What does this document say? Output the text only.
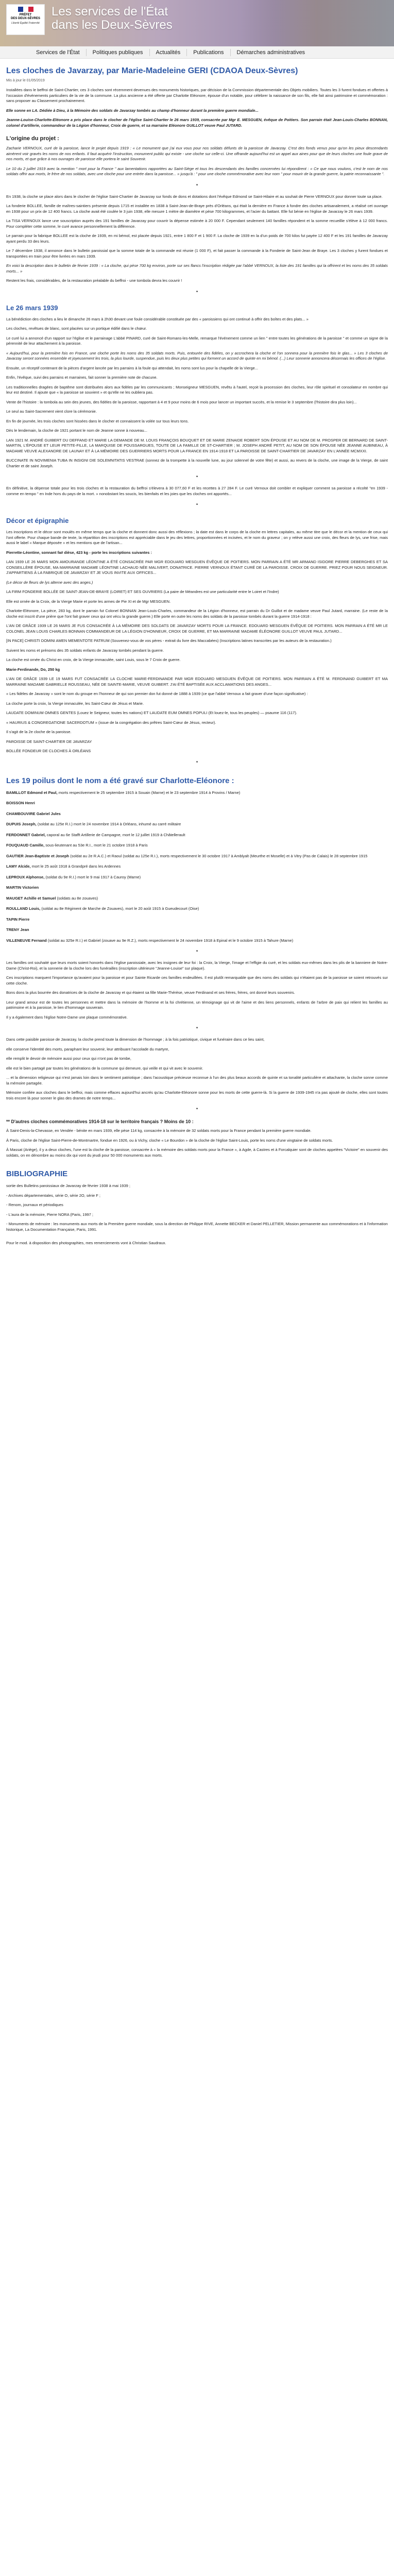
PRÉFET
DES DEUX-SÈVRES
Liberté Égalité Fraternité
Les services de l'État
dans les Deux-Sèvres
Services de l'État	Politiques publiques	Actualités	Publications	Démarches administratives
Les cloches de Javarzay, par Marie-Madeleine GERI (CDAOA Deux-Sèvres)
Mis à jour le 01/05/2019

Installées dans le beffroi de Saint-Chartier, ces 3 cloches sont récemment devenues des monuments historiques, par décision de la Commission départementale des Objets mobiliers. Toutes les 3 furent fondues et offertes à l'occasion d'événements particuliers de la vie de la commune. La plus ancienne a été offerte par Charlotte Eléonore, épouse d'un notable, pour célébrer la naissance de son fils, elle fait ainsi patrimoine et commémoration : sans proposer au Classement prochainement.

Elle sonne en LA. Dédiée à Dieu, à la Mémoire des soldats de Javarzay tombés au champ d'honneur durant la première guerre mondiale...

Jeanne-Louise-Charlotte-Eléonore a pris place dans le clocher de l'église Saint-Chartier le 26 mars 1939, consacrée par Mgr E. MESGUEN, évêque de Poitiers. Son parrain était Jean-Louis-Charles BONNAN, colonel d'artillerie, commandeur de la Légion d'honneur, Croix de guerre, et sa marraine Eléonore GUILLOT veuve Paul JUTARD.

L'origine du projet :

Zacharie VERNOUX, curé de la paroisse, lance le projet depuis 1919 : « Le monument que j'ai eux vous pour nos soldats défunts de la paroisse de Javarzay. C'est des fonds venus pour qu'on les pieux descendants aimèrent voir gravés les noms de nos enfants. Il faut acquérir l'instruction, monument public qui existe - une cloche sur celle-ci. Une offrande aujourd'hui est un appel aux aines pour que de leurs cloches une foule grave de nos morts, et que grâce à nos ouvrages de paroisse elle portera le saint Souvenir.

Le 10 du 2 juillet 1919 avec la mention " mort pour la France " aux lamentations rapportées au Saint-Siège et tous les descendants des familles concernées lui répondirent : « Ce que nous voulons, c'est le nom de nos soldats offrir aux morts, le frère de nos soldats, avec une cloche pour une entrée dans la paroisse... » jusqu'à : " pour une cloche commémorative avec leur nom " pour mourir de la grande guerre, la patrie reconnaissante ".

*

En 1938, la cloche se place alors dans le clocher de l'église Saint-Chartier de Javarzay sur fonds de dons et dotations dont l'évêque Edmond se Saint-Hilaire et au souhait de Pierre VERNOUX pour donner toute sa place.

La fonderie BOLLEE, famille de maîtres-saintiers présente depuis 1715 et installée en 1838 à Saint-Jean-de-Braye près d'Orléans, qui était la dernière en France à fondre des cloches artisanalement, a réalisé cet ouvrage en 1938 pour un prix de 12 400 francs. La cloche avait été coulée le 3 juin 1938, elle mesure 1 mètre de diamètre et pèse 700 kilogrammes, et l'acier du battant. Elle fut bénie en l'église de Javarzay le 26 mars 1939.

La TISA VERNOUX lance une souscription auprès des 191 familles de Javarzay pour couvrir la dépense estimée à 20 000 F. Cependant seulement 140 familles répondent et la somme recueillie s'élève à 12 000 francs. Pour compléter cette somme, le curé avance personnellement la différence.

Le parrain pour la fabrique BOLLEE est la cloche de 1939, en mi bémol, est placée depuis 1921, entre 1 800 F et 1 900 F. La cloche de 1939 en la d'un poids de 700 kilos fut payée 12 400 F et les 191 familles de Javarzay ayant perdu 33 des leurs.

Le 7 décembre 1938, il annonce dans le bulletin paroissial que la somme totale de la commande est réunie (1 000 F), et fait passer la commande à la Fonderie de Saint-Jean de Braye. Les 3 cloches y furent fondues et transportées en train pour être livrées en mars 1939.

En voici la description dans le bulletin de février 1939 : « La cloche, qui pèse 700 kg environ, porte sur ses flancs l'inscription rédigée par l'abbé VERNOUX, la liste des 191 familles qui la offrirent et les noms des 35 soldats morts... »

Restent les frais, considérables, de la restauration préalable du beffroi - une tombola devra les couvrir !

*
Le 26 mars 1939

La bénédiction des cloches a lieu le dimanche 26 mars à 2h30 devant une foule considérable constituée par des « paroissiens qui ont continué à offrir des boîtes et des plats... »

Les cloches, revêtues de blanc, sont placées sur un portique édifié dans le chœur.

Le curé lui a annoncé d'un rapport sur l'église et le parrainage L'abbé PINARD, curé de Saint-Romans-les-Melle, remarque l'événement comme un lien " entre toutes les générations de la paroisse " et comme un signe de la pérennité de leur attachement à la paroisse.

« Aujourd'hui, pour la première fois en France, une cloche porte les noms des 35 soldats morts. Puis, entourée des fidèles, on y accrochera la cloche et l'on sonnera pour la première fois le glas... » Les 3 cloches de Javarzay seront sonnées ensemble et joyeusement les trois, la plus lourde, suspendue, puis les deux plus petites qui forment un accord de quinte en mi bémol. (...) Leur sonnerie annoncera désormais les offices de l'église.

Ensuite, un réceptif contenant de la pièces d'argent lancée par les parrains à la foule qui attendait, les noms sont lus pour la chapelle de la Vierge...

Enfin, l'évêque, suivi des parrains et marraines, fait sonner la première note de chacune.

Les traditionnelles dragées de baptême sont distribuées alors aux fidèles par les communicants ; Monseigneur MESGUEN, revêtu à l'autel, reçoit la procession des cloches, leur rôle spirituel et consolateur en nombre qui leur est destiné. Il ajoute que « la paroisse se souvient » et qu'elle ne les oubliera pas.

Vente de l'histoire : la tombola au sein des jeunes, des fidèles de la paroisse, rapportant à 4 et 9 pour moins de 6 mois pour lancer un important succès, et la remise le 3 septembre (l'histoire dira plus loin)...

Le seul au Saint-Sacrement vient clore la cérémonie.

En fin de journée, les trois cloches sont hissées dans le clocher et connaissent la volée sur tous leurs tons.

Dès le lendemain, la cloche de 1921 portant le nom de Jeanne sonne à nouveau...

LAN 1921 M. ANDRÉ GUIBERT DU DEFFAND ET MARIE LA DEMANDE DE M. LOUIS FRANÇOIS BOUQUET ET DE MARIE ZENAIDE ROBERT SON ÉPOUSE ET AU NOM DE M. PROSPER DE BERNARD DE SAINT-MARTIN, L'ÉPOUSE ET LEUR PETITE-FILLE, LA MARQUISE DE POUSSARGUES, TOUTE DE LA FAMILLE DE ST-CHARTIER ; M. JOSEPH ANDRÉ PETIT, AU NOM DE SON ÉPOUSE NÉE JEANNE AUBINEAU, À MADAME VEUVE ALEXANDRE DE LAUNAY ET À LA MÉMOIRE DES GUERRIERS MORTS POUR LA FRANCE EN 1914-1918 ET LA PAROISSE DE SAINT-CHARTIER DE JAVARZAY EN L'ANNÉE MCMXXI.

BUCCINATE IN NOVIMENIA TUBA IN INSIGNI DIE SOLEMNITATIS VESTRAE (sonnez de la trompette à la nouvelle lune, au jour solennel de votre fête) et aussi, au revers de la cloche, une image de la Vierge, de saint Chartier et de saint Joseph.

*

En définitive, la dépense totale pour les trois cloches et la restauration du beffroi s'élevera à 30 077,60 F et les recettes à 27 284 F. Le curé Vernoux doit combler et expliquer comment sa paroisse a récolté "en 1939 - comme en tempo " en Inde hors du pays de la mort. » nonobstant les soucis, les bienfaits et les joies que les cloches ont apportés...

*
Décor et épigraphie

Les inscriptions et le décor sont moulés en même temps que la cloche et donnent donc aussi des réflexions ; la date est dans le corps de la cloche en lettres capitales, au même titre que le décor et la mention de ceux qui l'ont offerte. Pour chaque bande de texte, la répartition des inscriptions est appréciable dans le jeu des lettres, proportionnées et incisées, et le nom du graveur ; on y relève aussi une croix, des fleurs de lys, une frise, mais aussi le label « Marque déposée » et les mentions que de l'artisan...

Pierrette-Léontine, sonnant fa# dièse, 423 kg - porte les inscriptions suivantes :

LAN 1939 LE 26 MARS MON AMOURANDE LÉONTINE A ÉTÉ CONSACRÉE PAR MGR EDOUARD MESGUEN ÉVÊQUE DE POITIERS. MON PARRAIN A ÉTÉ MR ARMAND ISIDORE PIERRE DEBERGHES ET SA CONSEILLÈRE ÉPOUSE, MA MARRAINE MADAME LÉONTINE LACHAUD NÉE MALIVERT, DONATRICE. PIERRE VERNOUX ÉTANT CURÉ DE LA PAROISSE. CROIX DE GUERRE. PRIEZ POUR NOUS SEIGNEUR. J'APPARTIENS À LA FABRIQUE DE JAVARZAY ET JE VOUS INVITE AUX OFFICES...

(Le décor de fleurs de lys alterne avec des anges.)

LA FIRM FONDERIE BOLLÉE DE SAINT-JEAN-DE-BRAYE (LOIRET) ET SES OUVRIERS (La paire de Méandres est une particularité entre le Loiret et l'Indre)

Elle est ornée de la Croix, de la Vierge Marie et porte les armes de Pie XI et de Mgr MESGUEN.

Charlotte-Eléonore, La pièce, 283 kg, dont le parrain fut Colonel BONNAN Jean-Louis-Charles, commandeur de la Légion d'honneur, est parrain du Dr Guillot et de madame veuve Paul Jutard, marraine. (Le reste de la cloche est inscrit d'une prière que l'ont fait graver ceux qui ont vécu la grande guerre.) Elle porte en outre les noms des soldats de la paroisse tombés durant la guerre 1914-1918 :

L'AN DE GRÂCE 1939 LE 26 MARS JE FUS CONSACRÉE À LA MÉMOIRE DES SOLDATS DE JAVARZAY MORTS POUR LA FRANCE. EDOUARD MESGUEN ÉVÊQUE DE POITIERS. MON PARRAIN A ÉTÉ MR LE COLONEL JEAN LOUIS CHARLES BONNAN COMMANDEUR DE LA LÉGION D'HONNEUR, CROIX DE GUERRE, ET MA MARRAINE MADAME ÉLÉONORE GUILLOT VEUVE PAUL JUTARD...

[IN PACE] CHRISTI DOMINI AMEN MEMENTOTE PATRUM (Souvenez-vous de vos pères - extrait du livre des Maccabées) (Inscriptions latines transcrites par les auteurs de la restauration.)

Suivent les noms et prénoms des 35 soldats enfants de Javarzay tombés pendant la guerre.

La cloche est ornée du Christ en croix, de la Vierge immaculée, saint Louis, sous le 7 Croix de guerre.

Marie-Ferdinande, Do, 250 kg

L'AN DE GRÂCE 1939 LE 19 MARS FUT CONSACRÉE LA CLOCHE MARIE-FERDINANDE PAR MGR EDOUARD MESGUEN ÉVÊQUE DE POITIERS. MON PARRAIN A ÉTÉ M. FERDINAND GUIBERT ET MA MARRAINE MADAME GABRIELLE ROUSSEAU, NÉE DE SAINTE-MARIE, VEUVE GUIBERT. J'AI ÉTÉ BAPTISÉE AUX ACCLAMATIONS DES ANGES...

« Les fidèles de Javarzay » sont le nom du groupe en l'honneur de qui son premier don fut donné de 1888 à 1939 (ce que l'abbé Vernoux a fait graver d'une façon significative) :

La cloche porte la croix, la Vierge immaculée, les Saint-Cœur de Jésus et Marie.

LAUDATE DOMINUM OMNES GENTES (Louez le Seigneur, toutes les nations) ET LAUDATE EUM OMNES POPULI (Et louez-le, tous les peuples) — psaume 116 (117).

« HAURIUS & CONGREGATIONE SACERDOTUM » (issue de la congrégation des prêtres Saint-Cœur de Jésus, recteur).

Il s'agit de la 2e cloche de la paroisse.

PAROISSE DE SAINT-CHARTIER DE JAVARZAY

BOLLÉE FONDEUR DE CLOCHES À ORLÉANS

*
Les 19 poilus dont le nom a été gravé sur Charlotte-Eléonore :

BAMILLOT Edmond et Paul, morts respectivement le 25 septembre 1915 à Souain (Marne) et le 23 septembre 1914 à Provins / Marne)

BOISSON Henri

CHAMBOUVIRE Gabriel Jules

DUPUIS Joseph, (soldat au 125e R.I.) mort le 24 novembre 1914 à Orléans, inhumé au carré militaire

FERDONNET Gabriel, caporal au 6e Stafft Artillerie de Campagne, mort le 12 juillet 1919 à Châtellerault

FOUQUAUD Camille, sous-lieutenant au 53e R.I., mort le 21 octobre 1918 à Paris

GAUTIER Jean-Baptiste et Joseph (soldat au 2e R.A.C.) et Raoul (soldat au 125e R.I.), morts respectivement le 30 octobre 1917 à Amblyalt (Meurthe et Moselle) et à Vitry (Pas de Calais) le 28 septembre 1915

LAMY Alcide, mort le 25 août 1918 à Grandpré dans les Ardennes

LEPROUX Alphonse, (soldat du 9e R.I.) mort le 9 mai 1917 à Cauroy (Marne)

MARTIN Victorien

MAUGET Achille et Samuel (soldats au 8e zouaves)

ROULLAND Louis, (soldat au 8e Régiment de Marche de Zouaves), mort le 20 août 1915 à Gueudecourt (Oise)

TAPIN Pierre

TRENY Jean

VILLENEUVE Fernand (soldat au 325e R.I.) et Gabriel (zouave au 9e R.Z.), morts respectivement le 24 novembre 1918 à Epinal et le 9 octobre 1915 à Tahure (Marne)

*

Les familles ont souhaité que leurs morts soient honorés dans l'église paroissiale, avec les insignes de leur foi : la Croix, la Vierge, l'image et l'effigie du curé, et les soldats eux-mêmes dans les plis de la banniere de Notre-Dame (Christ-Roi), et la sonnerie de la cloche lors des funérailles (inscription ultérieure "Jeanne-Louise" sur plaque).

Ces inscriptions marquent l'importance qu'avaient pour la paroisse et pour Sainte Ricarde ces familles endeuillées. Il est plutôt remarquable que des noms des soldats qui n'étaient pas de la paroisse se soient retrouvés sur cette cloche.

Bons dons la plus bourrée des donatrices de la cloche de Javarzay et qui étaient sa fille Marie-Thérèse, veuve Ferdinand et ses frères, frères, ont donné leurs souvenirs.

Leur grand amour est de toutes les personnes et mettre dans la mémoire de l'homme et la foi chrétienne, un témoignage qui vit de l'aime et des liens personnels, enfants de l'arbre de paix qui relient les familles au patrimoine et à la paroisse, le lien d'hommage souverain.

Il y a également dans l'église Notre-Dame une plaque commémorative.

*

Dans cette paisible paroisse de Javarzay, la cloche prend toute la dimension de l'hommage ; à la fois patriotique, civique et funéraire dans ce lieu saint,

elle conserve l'identité des morts, paraphant leur souvenir, leur attribuant l'accolade du martyre,

elle remplit le devoir de mémoire aussi pour ceux qui n'ont pas de tombe,

elle est le bien partagé par toutes les générations de la commune qui demeure, qui veille et qui vit avec le souvenir.

... et la dimension religieuse qui n'est jamais loin dans le sentiment patriotique ; dans l'acoustique précieuse reconnue à l'un des plus beaux accords de quinte et sa tonalité particulière et attachante, la cloche sonne comme la mémoire partagée.

Mémoire confiée aux cloches dans le beffroi, mais comme effaces aujourd'hui ancrés qu'au Charlotte-Eléonore sonne pour les morts de cette guerre-là. Si la guerre de 1939-1945 n'a pas ajouté de cloche, elles sont toutes trois encore là pour sonner le glas des drames de notre temps...

*
** D'autres cloches commémoratives 1914-18 sur le territoire français ? Moins de 10 :

À Saint-Denis-la-Chevasse, en Vendée - bénite en mars 1939, elle pèse 114 kg, consacrée à la mémoire de 32 soldats morts pour la France pendant la première guerre mondiale.

À Paris, cloche de l'église Saint-Pierre-de-Montmartre, fondue en 1926, ou à Vichy, cloche « Le Bourdon » de la cloche de l'église Saint-Louis, porte les noms d'une vingtaine de soldats morts.

À Massat (Ariège), il y a deux cloches, l'une est la cloche de la paroisse, consacrée à « la mémoire des soldats morts pour la France », à Agde, à Castres et à Forcalquier sont de cloches appelées "Victoire" en souvenir des soldats, on en dénombre au moins dix qui vont du jeudi pour 50 000 monuments aux morts.

BIBLIOGRAPHIE
sortie des Bulletins paroissiaux de Javarzay de février 1938 à mai 1939 ;
- Archives départementales, série O, série 2O, série F ;
- Renom, journaux et périodiques
- L'aura de la mémoire, Pierre NORA (Paris, 1997 ;
- Monuments de mémoire : les monuments aux morts de la Première guerre mondiale, sous la direction de Philippe RIVE, Annette BECKER et Daniel PELLETIER, Mission permanente aux commémorations et à l'information historique, La Documentation Française, Paris, 1991.
Pour le mod. à disposition des photographies, mes remerciements vont à Christian Saudraux.
